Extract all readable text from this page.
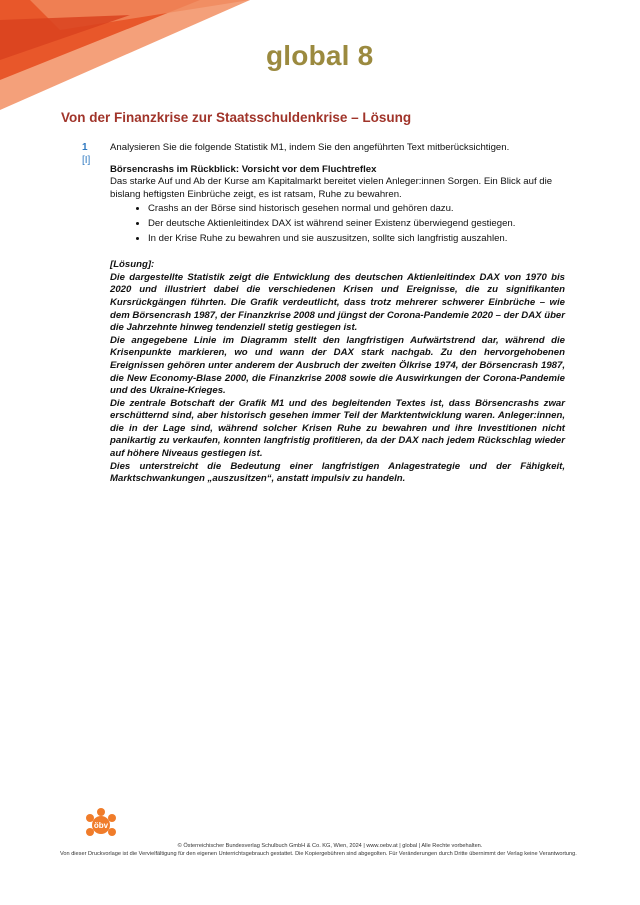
global 8
Von der Finanzkrise zur Staatsschuldenkrise – Lösung
1
[I]

Analysieren Sie die folgende Statistik M1, indem Sie den angeführten Text mitberücksichtigen.

Börsencrashs im Rückblick: Vorsicht vor dem Fluchtreflex

Das starke Auf und Ab der Kurse am Kapitalmarkt bereitet vielen Anleger:innen Sorgen. Ein Blick auf die bislang heftigsten Einbrüche zeigt, es ist ratsam, Ruhe zu bewahren.

• Crashs an der Börse sind historisch gesehen normal und gehören dazu.
• Der deutsche Aktienleitindex DAX ist während seiner Existenz überwiegend gestiegen.
• In der Krise Ruhe zu bewahren und sie auszusitzen, sollte sich langfristig auszahlen.

[Lösung]:

Die dargestellte Statistik zeigt die Entwicklung des deutschen Aktienleitindex DAX von 1970 bis 2020 und illustriert dabei die verschiedenen Krisen und Ereignisse, die zu signifikanten Kursrückgängen führten. Die Grafik verdeutlicht, dass trotz mehrerer schwerer Einbrüche – wie dem Börsencrash 1987, der Finanzkrise 2008 und jüngst der Corona-Pandemie 2020 – der DAX über die Jahrzehnte hinweg tendenziell stetig gestiegen ist.

Die angegebene Linie im Diagramm stellt den langfristigen Aufwärtstrend dar, während die Krisenpunkte markieren, wo und wann der DAX stark nachgab. Zu den hervorgehobenen Ereignissen gehören unter anderem der Ausbruch der zweiten Ölkrise 1974, der Börsencrash 1987, die New Economy-Blase 2000, die Finanzkrise 2008 sowie die Auswirkungen der Corona-Pandemie und des Ukraine-Krieges.

Die zentrale Botschaft der Grafik M1 und des begleitenden Textes ist, dass Börsencrashs zwar erschütternd sind, aber historisch gesehen immer Teil der Marktentwicklung waren. Anleger:innen, die in der Lage sind, während solcher Krisen Ruhe zu bewahren und ihre Investitionen nicht panikartig zu verkaufen, konnten langfristig profitieren, da der DAX nach jedem Rückschlag wieder auf höhere Niveaus gestiegen ist.

Dies unterstreicht die Bedeutung einer langfristigen Anlagestrategie und der Fähigkeit, Marktschwankungen „auszusitzen“, anstatt impulsiv zu handeln.

öbv
© Österreichischer Bundesverlag Schulbuch GmbH & Co. KG, Wien, 2024 | www.oebv.at | global | Alle Rechte vorbehalten.
Von dieser Druckvorlage ist die Vervielfältigung für den eigenen Unterrichtsgebrauch gestattet. Die Kopiergebühren sind abgegolten. Für Veränderungen durch Dritte übernimmt der Verlag keine Verantwortung.
